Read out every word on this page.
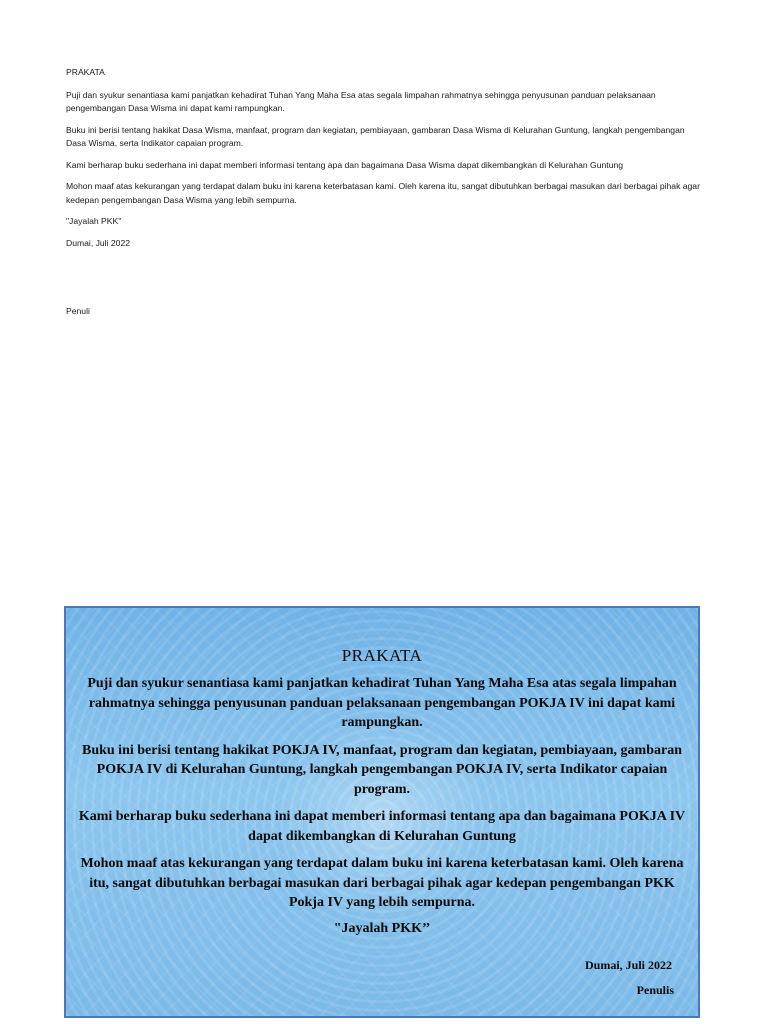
PRAKATA

Puji dan syukur senantiasa kami panjatkan kehadirat Tuhan Yang Maha Esa atas segala limpahan rahmatnya sehingga penyusunan panduan pelaksanaan pengembangan Dasa Wisma ini dapat kami rampungkan.

Buku ini berisi tentang hakikat Dasa Wisma, manfaat, program dan kegiatan, pembiayaan, gambaran Dasa Wisma di Kelurahan Guntung, langkah pengembangan Dasa Wisma, serta Indikator capaian program.

Kami berharap buku sederhana ini dapat memberi informasi tentang apa dan bagaimana Dasa Wisma dapat dikembangkan di Kelurahan Guntung

Mohon maaf atas kekurangan yang terdapat dalam buku ini karena keterbatasan kami. Oleh karena itu, sangat dibutuhkan berbagai masukan dari berbagai pihak agar kedepan pengembangan Dasa Wisma yang lebih sempurna.

"Jayalah PKK''

Dumai, Juli 2022

Penuli

PRAKATA

Puji dan syukur senantiasa kami panjatkan kehadirat Tuhan Yang Maha Esa atas segala limpahan rahmatnya sehingga penyusunan panduan pelaksanaan pengembangan POKJA IV ini dapat kami rampungkan.

Buku ini berisi tentang hakikat POKJA IV, manfaat, program dan kegiatan, pembiayaan, gambaran POKJA IV di Kelurahan Guntung, langkah pengembangan POKJA IV, serta Indikator capaian program.

Kami berharap buku sederhana ini dapat memberi informasi tentang apa dan bagaimana POKJA IV dapat dikembangkan di Kelurahan Guntung

Mohon maaf atas kekurangan yang terdapat dalam buku ini karena keterbatasan kami. Oleh karena itu, sangat dibutuhkan berbagai masukan dari berbagai pihak agar kedepan pengembangan PKK Pokja IV yang lebih sempurna.

"Jayalah PKK’’

Dumai, Juli 2022
Penulis
